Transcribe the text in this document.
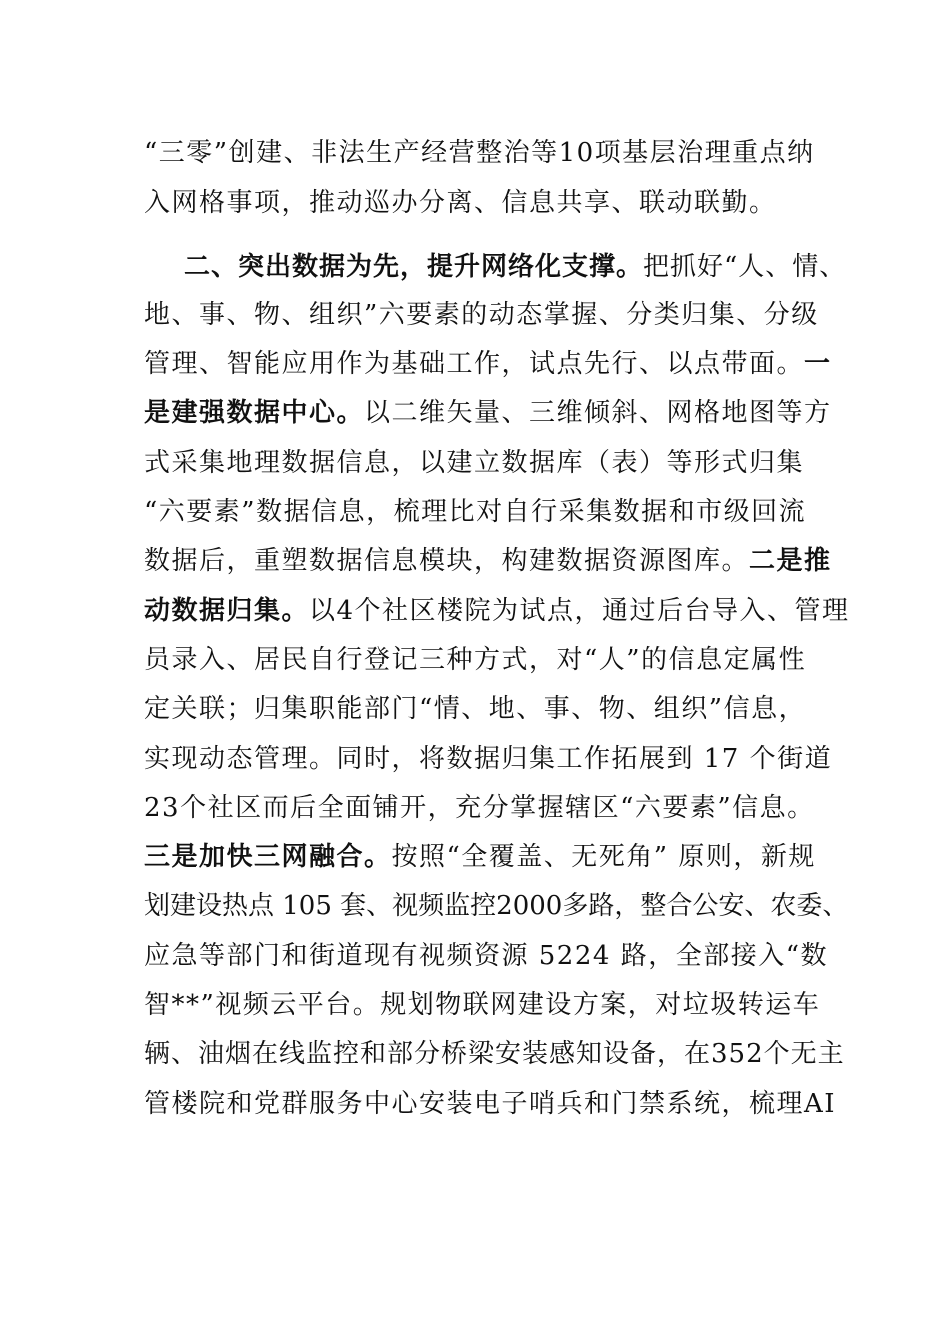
“三零”创建、非法生产经营整治等10项基层治理重点纳
入网格事项，推动巡办分离、信息共享、联动联勤。
二、突出数据为先，提升网络化支撑。把抓好“人、情、
地、事、物、组织”六要素的动态掌握、分类归集、分级
管理、智能应用作为基础工作，试点先行、以点带面。一
是建强数据中心。以二维矢量、三维倾斜、网格地图等方
式采集地理数据信息，以建立数据库（表）等形式归集
“六要素”数据信息，梳理比对自行采集数据和市级回流
数据后，重塑数据信息模块，构建数据资源图库。二是推
动数据归集。以4个社区楼院为试点，通过后台导入、管理
员录入、居民自行登记三种方式，对“人”的信息定属性
定关联；归集职能部门“情、地、事、物、组织”信息，
实现动态管理。同时，将数据归集工作拓展到 17 个街道
23个社区而后全面铺开，充分掌握辖区“六要素”信息。
三是加快三网融合。按照“全覆盖、无死角” 原则，新规
划建设热点 105 套、视频监控2000多路，整合公安、农委、
应急等部门和街道现有视频资源 5224 路，全部接入“数
智**”视频云平台。规划物联网建设方案，对垃圾转运车
辆、油烟在线监控和部分桥梁安装感知设备，在352个无主
管楼院和党群服务中心安装电子哨兵和门禁系统，梳理AI
